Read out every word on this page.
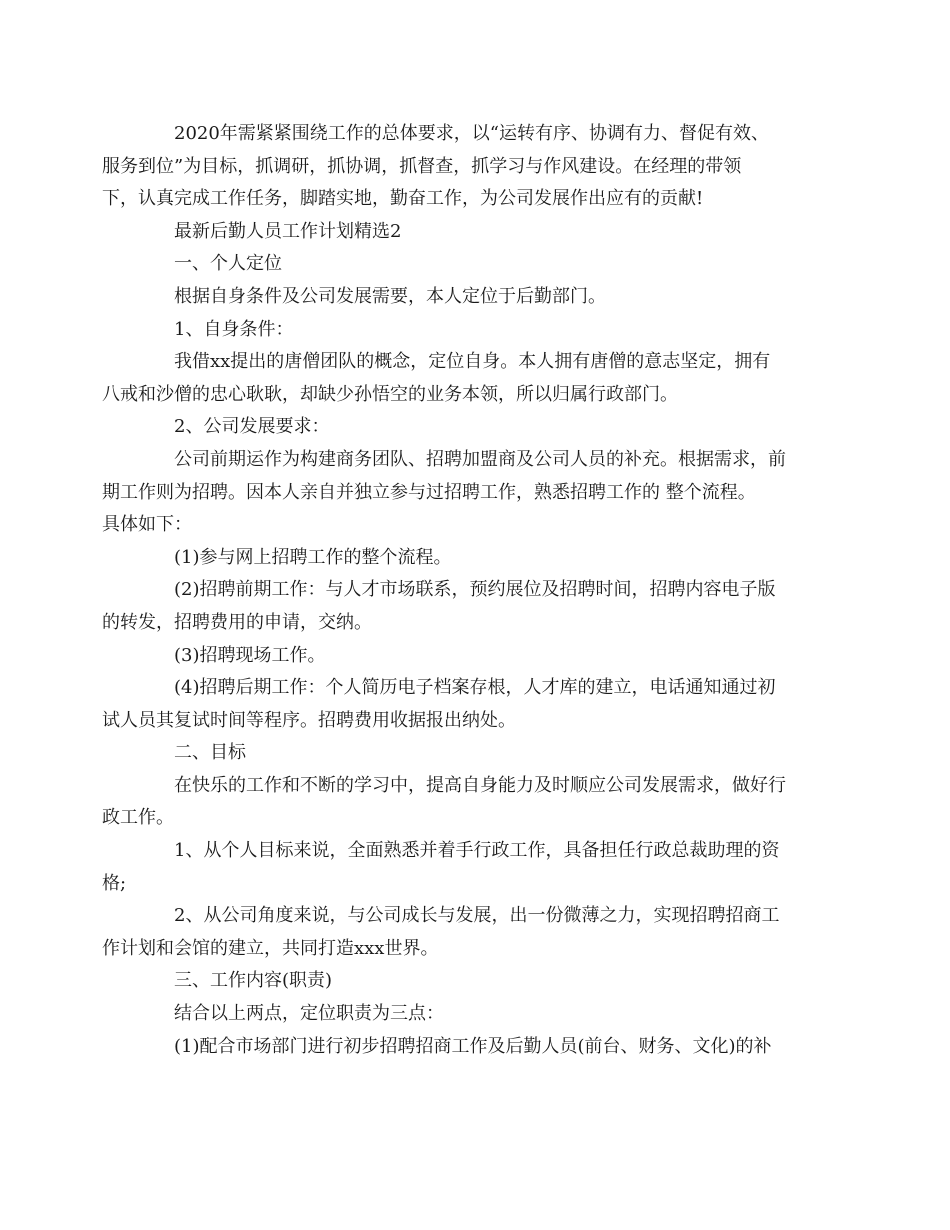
2020年需紧紧围绕工作的总体要求，以“运转有序、协调有力、督促有效、
服务到位”为目标，抓调研，抓协调，抓督查，抓学习与作风建设。在经理的带领
下，认真完成工作任务，脚踏实地，勤奋工作，为公司发展作出应有的贡献!

最新后勤人员工作计划精选2

一、个人定位

根据自身条件及公司发展需要，本人定位于后勤部门。

1、自身条件：

我借xx提出的唐僧团队的概念，定位自身。本人拥有唐僧的意志坚定，拥有
八戒和沙僧的忠心耿耿，却缺少孙悟空的业务本领，所以归属行政部门。

2、公司发展要求：

公司前期运作为构建商务团队、招聘加盟商及公司人员的补充。根据需求，前
期工作则为招聘。因本人亲自并独立参与过招聘工作，熟悉招聘工作的 整个流程。
具体如下：

(1)参与网上招聘工作的整个流程。

(2)招聘前期工作：与人才市场联系，预约展位及招聘时间，招聘内容电子版
的转发，招聘费用的申请，交纳。

(3)招聘现场工作。

(4)招聘后期工作：个人简历电子档案存根，人才库的建立，电话通知通过初
试人员其复试时间等程序。招聘费用收据报出纳处。

二、目标

在快乐的工作和不断的学习中，提高自身能力及时顺应公司发展需求，做好行
政工作。

1、从个人目标来说，全面熟悉并着手行政工作，具备担任行政总裁助理的资
格;

2、从公司角度来说，与公司成长与发展，出一份微薄之力，实现招聘招商工
作计划和会馆的建立，共同打造xxx世界。

三、工作内容(职责)

结合以上两点，定位职责为三点：

(1)配合市场部门进行初步招聘招商工作及后勤人员(前台、财务、文化)的补
